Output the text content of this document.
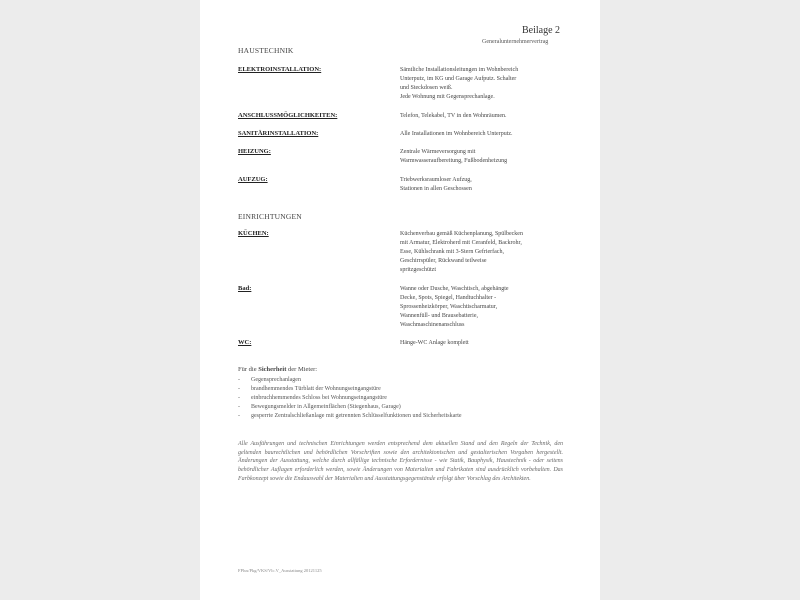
Beilage 2
Generalunternehmervertrag
HAUSTECHNIK
ELEKTROINSTALLATION:	Sämtliche Installationsleitungen im Wohnbereich
Unterputz, im KG und Garage Aufputz. Schalter
und Steckdosen weiß.
Jede Wohnung mit Gegensprechanlage.
ANSCHLUSSMÖGLICHKEITEN:	Telefon, Telekabel, TV in den Wohnräumen.
SANITÄRINSTALLATION:	Alle Installationen im Wohnbereich Unterputz.
HEIZUNG:	Zentrale Wärmeversorgung mit
Warmwasseraufbereitung, Fußbodenheizung
AUFZUG:	Triebwerksraumloser Aufzug,
Stationen in allen Geschossen
EINRICHTUNGEN
KÜCHEN:	Küchenverbau gemäß Küchenplanung, Spülbecken
mit Armatur, Elektroherd mit Ceranfeld, Backrohr,
Esse, Kühlschrank mit 3-Stern Gefrierfach,
Geschirrspüler, Rückwand teilweise
spritzgeschützt
Bad:	Wanne oder Dusche, Waschtisch, abgehängte
Decke, Spots, Spiegel, Handtuchhalter -
Sprossenheizkörper, Waschtischarmatur,
Wannenfüll- und Brausebatterie,
Waschmaschinenanschluss
WC:	Hänge-WC Anlage komplett
Für die Sicherheit der Mieter:
- Gegensprechanlagen
- brandhemmendes Türblatt der Wohnungseingangstüre
- einbruchhemmendes Schloss bei Wohnungseingangstüre
- Bewegungsmelder in Allgemeinflächen (Stiegenhaus, Garage)
- gesperrte Zentralschließanlage mit getrennten Schlüsselfunktionen und Sicherheitskarte
Alle Ausführungen und technischen Einrichtungen werden entsprechend dem aktuellen Stand und den Regeln der Technik, den geltenden baurechtlichen und behördlichen Vorschriften sowie den architektonischen und gestalterischen Vorgaben hergestellt. Änderungen der Ausstattung, welche durch allfällige technische Erfordernisse - wie Statik, Bauphysik, Haustechnik - oder seitens behördlicher Auflagen erforderlich werden, sowie Änderungen von Materialien und Fabrikaten sind ausdrücklich vorbehalten. Das Farbkonzept sowie die Endauswahl der Materialien und Ausstattungsgegenstände erfolgt über Vorschlag des Architekten.
FPlus/Pkg/VKS/Vlc.V_Ausstattung 20121125
